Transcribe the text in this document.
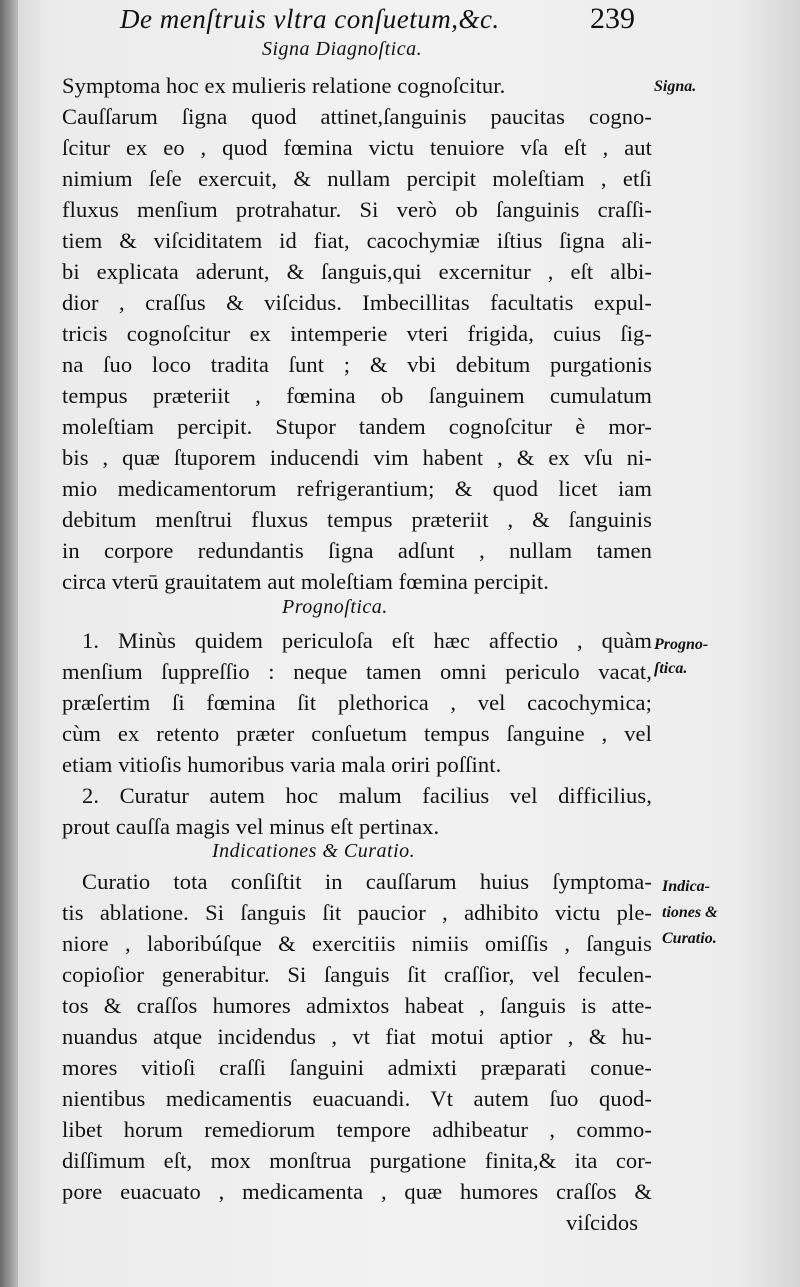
De menſtruis vltra conſuetum,&c.	239
Signa Diagnoſtica.
Symptoma hoc ex mulieris relatione cognoſcitur.
Cauſſarum ſigna quod attinet,ſanguinis paucitas cogno-
ſcitur ex eo , quod fœmina victu tenuiore vſa eſt , aut
nimium ſeſe exercuit, & nullam percipit moleſtiam , etſi
fluxus menſium protrahatur. Si verò ob ſanguinis craſſi-
tiem & viſciditatem id fiat, cacochymiæ iſtius ſigna ali-
bi explicata aderunt, & ſanguis,qui excernitur , eſt albi-
dior , craſſus & viſcidus. Imbecillitas facultatis expul-
tricis cognoſcitur ex intemperie vteri frigida, cuius ſig-
na ſuo loco tradita ſunt ; & vbi debitum purgationis
tempus præteriit , fœmina ob ſanguinem cumulatum
moleſtiam percipit. Stupor tandem cognoſcitur è mor-
bis , quæ ſtuporem inducendi vim habent , & ex vſu ni-
mio medicamentorum refrigerantium; & quod licet iam
debitum menſtrui fluxus tempus præteriit , & ſanguinis
in corpore redundantis ſigna adſunt , nullam tamen
circa vterū grauitatem aut moleſtiam fœmina percipit.
Signa.
Prognoſtica.
1. Minùs quidem periculoſa eſt hæc affectio , quàm
menſium ſuppreſſio : neque tamen omni periculo vacat,
præſertim ſi fœmina ſit plethorica , vel cacochymica;
cùm ex retento præter conſuetum tempus ſanguine , vel
etiam vitioſis humoribus varia mala oriri poſſint.
2. Curatur autem hoc malum facilius vel difficilius,
prout cauſſa magis vel minus eſt pertinax.
Progno-
ſtica.
Indicationes & Curatio.
Curatio tota conſiſtit in cauſſarum huius ſymptoma-
tis ablatione. Si ſanguis ſit paucior , adhibito victu ple-
niore , laboribúſque & exercitiis nimiis omiſſis , ſanguis
copioſior generabitur. Si ſanguis ſit craſſior, vel feculen-
tos & craſſos humores admixtos habeat , ſanguis is atte-
nuandus atque incidendus , vt fiat motui aptior , & hu-
mores vitioſi craſſi ſanguini admixti præparati conue-
nientibus medicamentis euacuandi. Vt autem ſuo quod-
libet horum remediorum tempore adhibeatur , commo-
diſſimum eſt, mox monſtrua purgatione finita,& ita cor-
pore euacuato , medicamenta , quæ humores craſſos &
viſcidos
Indica-
tiones &
Curatio.
